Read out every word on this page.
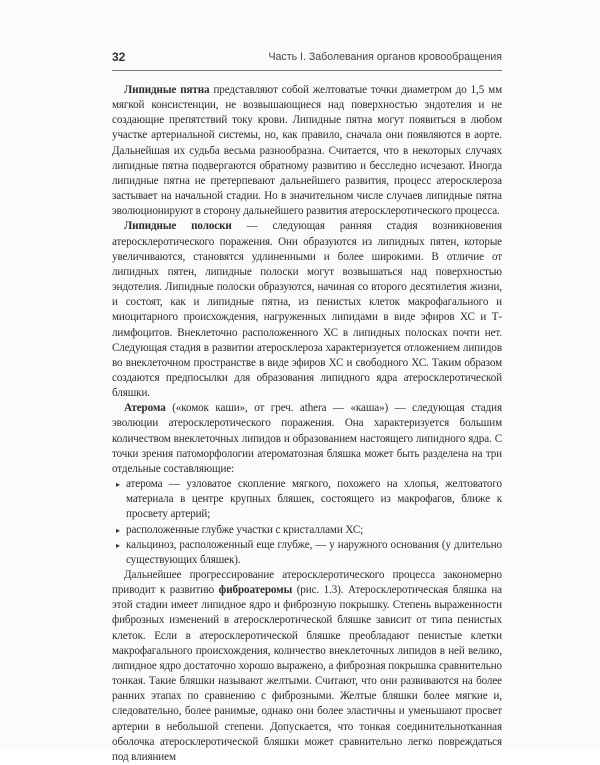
32	Часть I. Заболевания органов кровообращения

Липидные пятна представляют собой желтоватые точки диаметром до 1,5 мм мягкой консистенции, не возвышающиеся над поверхностью эндотелия и не создающие препятствий току крови. Липидные пятна могут появиться в любом участке артериальной системы, но, как правило, сначала они появляются в аорте. Дальнейшая их судьба весьма разнообразна. Считается, что в некоторых случаях липидные пятна подвергаются обратному развитию и бесследно исчезают. Иногда липидные пятна не претерпевают дальнейшего развития, процесс атеросклероза застывает на начальной стадии. Но в значительном числе случаев липидные пятна эволюционируют в сторону дальнейшего развития атеросклеротического процесса.

Липидные полоски — следующая ранняя стадия возникновения атеросклеротического поражения. Они образуются из липидных пятен, которые увеличиваются, становятся удлиненными и более широкими. В отличие от липидных пятен, липидные полоски могут возвышаться над поверхностью эндотелия. Липидные полоски образуются, начиная со второго десятилетия жизни, и состоят, как и липидные пятна, из пенистых клеток макрофагального и миоцитарного происхождения, нагруженных липидами в виде эфиров ХС и Т-лимфоцитов. Внеклеточно расположенного ХС в липидных полосках почти нет. Следующая стадия в развитии атеросклероза характеризуется отложением липидов во внеклеточном пространстве в виде эфиров ХС и свободного ХС. Таким образом создаются предпосылки для образования липидного ядра атеросклеротической бляшки.

Атерома («комок каши», от греч. athera — «каша») — следующая стадия эволюции атеросклеротического поражения. Она характеризуется большим количеством внеклеточных липидов и образованием настоящего липидного ядра. С точки зрения патоморфологии атероматозная бляшка может быть разделена на три отдельные составляющие:

▸ атерома — узловатое скопление мягкого, похожего на хлопья, желтоватого материала в центре крупных бляшек, состоящего из макрофагов, ближе к просвету артерий;
▸ расположенные глубже участки с кристаллами ХС;
▸ кальциноз, расположенный еще глубже, — у наружного основания (у длительно существующих бляшек).

Дальнейшее прогрессирование атеросклеротического процесса закономерно приводит к развитию фиброатеромы (рис. 1.3). Атеросклеротическая бляшка на этой стадии имеет липидное ядро и фиброзную покрышку. Степень выраженности фиброзных изменений в атеросклеротической бляшке зависит от типа пенистых клеток. Если в атеросклеротической бляшке преобладают пенистые клетки макрофагального происхождения, количество внеклеточных липидов в ней велико, липидное ядро достаточно хорошо выражено, а фиброзная покрышка сравнительно тонкая. Такие бляшки называют желтыми. Считают, что они развиваются на более ранних этапах по сравнению с фиброзными. Желтые бляшки более мягкие и, следовательно, более ранимые, однако они более эластичны и уменьшают просвет артерии в небольшой степени. Допускается, что тонкая соединительнотканная оболочка атеросклеротической бляшки может сравнительно легко повреждаться под влиянием
